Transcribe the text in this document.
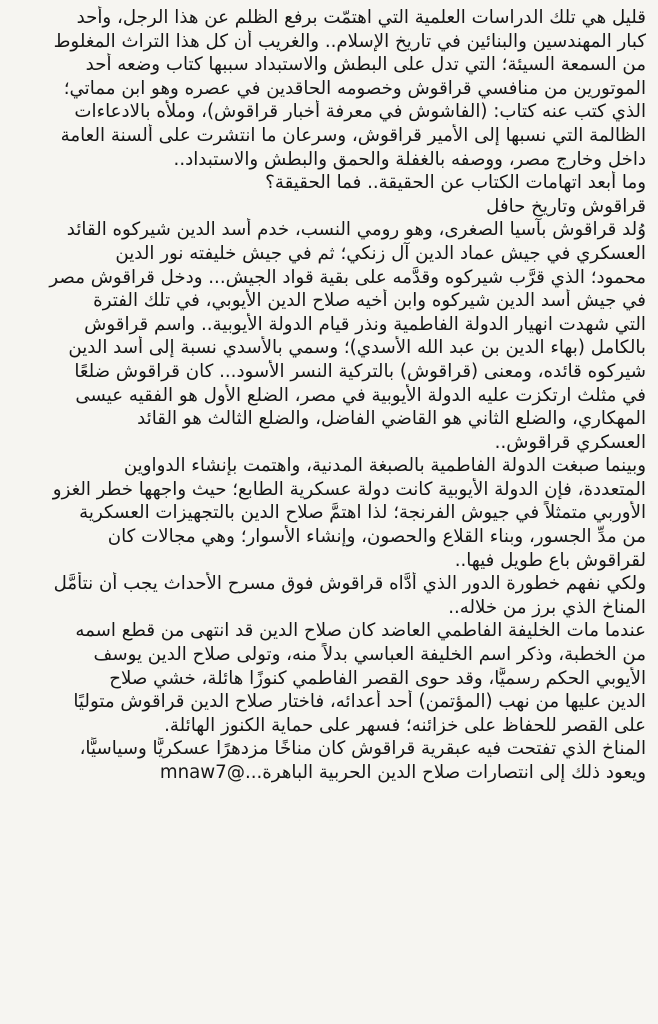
قليل هي تلك الدراسات العلمية التي اهتمّت برفع الظلم عن هذا الرجل، وأحد
كبار المهندسين والبنائين في تاريخ الإسلام.. والغريب أن كل هذا التراث المغلوط
من السمعة السيئة؛ التي تدل على البطش والاستبداد سببها كتاب وضعه أحد
الموتورين من منافسي قراقوش وخصومه الحاقدين في عصره وهو ابن مماتي؛
الذي كتب عنه كتاب: (الفاشوش في معرفة أخبار قراقوش)، وملأه بالادعاءات
الظالمة التي نسبها إلى الأمير قراقوش، وسرعان ما انتشرت على ألسنة العامة
داخل وخارج مصر، ووصفه بالغفلة والحمق والبطش والاستبداد..
وما أبعد اتهامات الكتاب عن الحقيقة.. فما الحقيقة؟
قراقوش وتاريخ حافل
وُلد قراقوش بآسيا الصغرى، وهو رومي النسب، خدم أسد الدين شيركوه القائد
العسكري في جيش عماد الدين آل زنكي؛ ثم في جيش خليفته نور الدين
محمود؛ الذي قرَّب شيركوه وقدَّمه على بقية قواد الجيش... ودخل قراقوش مصر
في جيش أسد الدين شيركوه وابن أخيه صلاح الدين الأيوبي، في تلك الفترة
التي شهدت انهيار الدولة الفاطمية ونذر قيام الدولة الأيوبية.. واسم قراقوش
بالكامل (بهاء الدين بن عبد الله الأسدي)؛ وسمي بالأسدي نسبة إلى أسد الدين
شيركوه قائده، ومعنى (قراقوش) بالتركية النسر الأسود... كان قراقوش ضلعًا
في مثلث ارتكزت عليه الدولة الأيوبية في مصر، الضلع الأول هو الفقيه عيسى
المهكاري، والضلع الثاني هو القاضي الفاضل، والضلع الثالث هو القائد
العسكري قراقوش..
وبينما صبغت الدولة الفاطمية بالصبغة المدنية، واهتمت بإنشاء الدواوين
المتعددة، فإن الدولة الأيوبية كانت دولة عسكرية الطابع؛ حيث واجهها خطر الغزو
الأوربي متمثلاً في جيوش الفرنجة؛ لذا اهتمَّ صلاح الدين بالتجهيزات العسكرية
من مدِّ الجسور، وبناء القلاع والحصون، وإنشاء الأسوار؛ وهي مجالات كان
لقراقوش باع طويل فيها..
ولكي نفهم خطورة الدور الذي أدَّاه قراقوش فوق مسرح الأحداث يجب أن نتأمَّل
المناخ الذي برز من خلاله..
عندما مات الخليفة الفاطمي العاضد كان صلاح الدين قد انتهى من قطع اسمه
من الخطبة، وذكر اسم الخليفة العباسي بدلاً منه، وتولى صلاح الدين يوسف
الأيوبي الحكم رسميًّا، وقد حوى القصر الفاطمي كنوزًا هائلة، خشي صلاح
الدين عليها من نهب (المؤتمن) أحد أعدائه، فاختار صلاح الدين قراقوش متوليًا
على القصر للحفاظ على خزائنه؛ فسهر على حماية الكنوز الهائلة.
المناخ الذي تفتحت فيه عبقرية قراقوش كان مناخًا مزدهرًا عسكريًّا وسياسيًّا،
ويعود ذلك إلى انتصارات صلاح الدين الحربية الباهرة...@mnaw7
